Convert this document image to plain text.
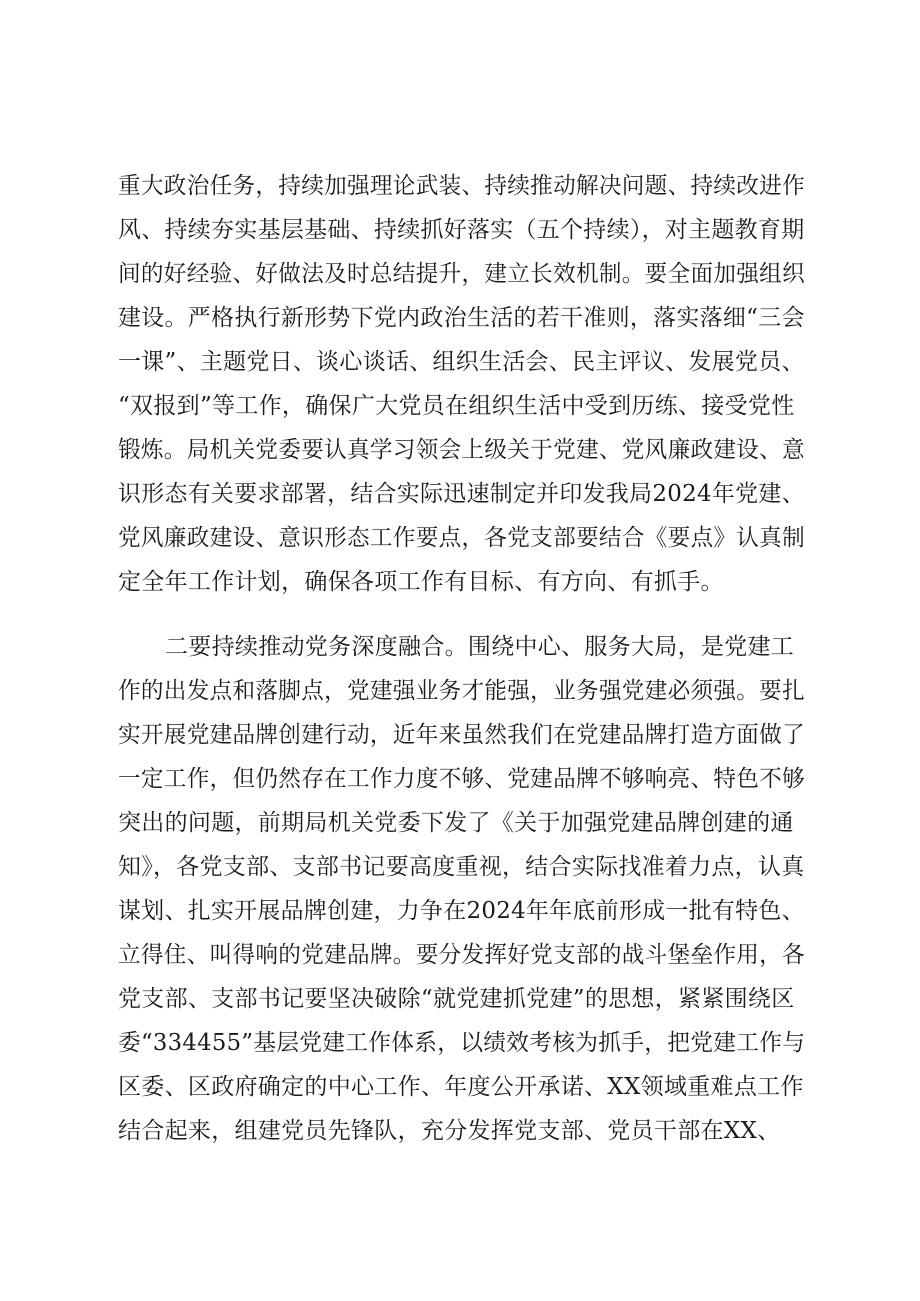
重大政治任务，持续加强理论武装、持续推动解决问题、持续改进作
风、持续夯实基层基础、持续抓好落实（五个持续），对主题教育期
间的好经验、好做法及时总结提升，建立长效机制。要全面加强组织
建设。严格执行新形势下党内政治生活的若干准则，落实落细“三会
一课”、主题党日、谈心谈话、组织生活会、民主评议、发展党员、
“双报到”等工作，确保广大党员在组织生活中受到历练、接受党性
锻炼。局机关党委要认真学习领会上级关于党建、党风廉政建设、意
识形态有关要求部署，结合实际迅速制定并印发我局2024年党建、
党风廉政建设、意识形态工作要点，各党支部要结合《要点》认真制
定全年工作计划，确保各项工作有目标、有方向、有抓手。
二要持续推动党务深度融合。围绕中心、服务大局，是党建工
作的出发点和落脚点，党建强业务才能强，业务强党建必须强。要扎
实开展党建品牌创建行动，近年来虽然我们在党建品牌打造方面做了
一定工作，但仍然存在工作力度不够、党建品牌不够响亮、特色不够
突出的问题，前期局机关党委下发了《关于加强党建品牌创建的通
知》，各党支部、支部书记要高度重视，结合实际找准着力点，认真
谋划、扎实开展品牌创建，力争在2024年年底前形成一批有特色、
立得住、叫得响的党建品牌。要分发挥好党支部的战斗堡垒作用，各
党支部、支部书记要坚决破除“就党建抓党建”的思想，紧紧围绕区
委“334455”基层党建工作体系，以绩效考核为抓手，把党建工作与
区委、区政府确定的中心工作、年度公开承诺、XX领域重难点工作
结合起来，组建党员先锋队，充分发挥党支部、党员干部在XX、
